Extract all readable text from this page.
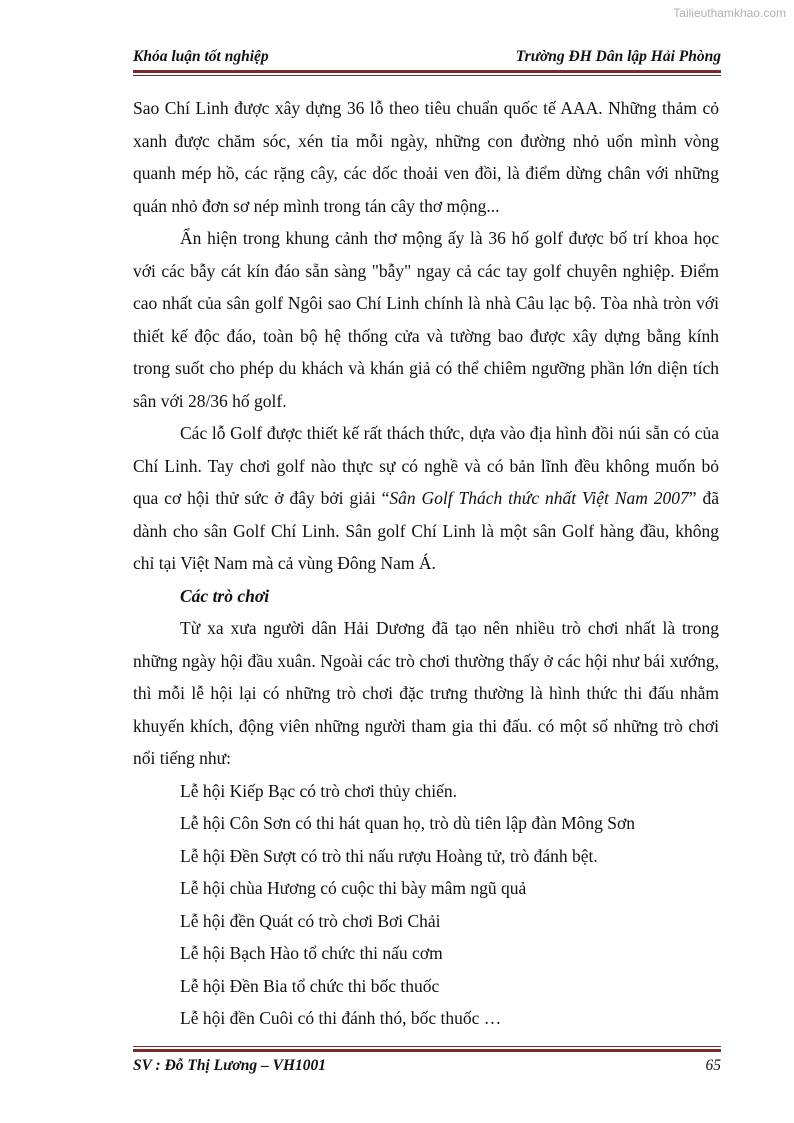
Tailieuthamkhao.com
Khóa luận tốt nghiệp	Trường ĐH Dân lập Hải Phòng

Sao Chí Linh được xây dựng 36 lỗ theo tiêu chuẩn quốc tế AAA. Những thảm cỏ xanh được chăm sóc, xén tỉa mỗi ngày, những con đường nhỏ uốn mình vòng quanh mép hồ, các rặng cây, các dốc thoải ven đồi, là điểm dừng chân với những quán nhỏ đơn sơ nép mình trong tán cây thơ mộng...

Ẩn hiện trong khung cảnh thơ mộng ấy là 36 hố golf được bố trí khoa học với các bẫy cát kín đáo sẵn sàng "bẫy" ngay cả các tay golf chuyên nghiệp. Điểm cao nhất của sân golf Ngôi sao Chí Linh chính là nhà Câu lạc bộ. Tòa nhà tròn với thiết kế độc đáo, toàn bộ hệ thống cửa và tường bao được xây dựng bằng kính trong suốt cho phép du khách và khán giả có thể chiêm ngưỡng phần lớn diện tích sân với 28/36 hố golf.

Các lỗ Golf được thiết kế rất thách thức, dựa vào địa hình đồi núi sẵn có của Chí Linh. Tay chơi golf nào thực sự có nghề và có bản lĩnh đều không muốn bỏ qua cơ hội thử sức ở đây bởi giải “Sân Golf Thách thức nhất Việt Nam 2007” đã dành cho sân Golf Chí Linh. Sân golf Chí Linh là một sân Golf hàng đầu, không chỉ tại Việt Nam mà cả vùng Đông Nam Á.

Các trò chơi

Từ xa xưa người dân Hải Dương đã tạo nên nhiều trò chơi nhất là trong những ngày hội đầu xuân. Ngoài các trò chơi thường thấy ở các hội như bái xướng, thì mỗi lễ hội lại có những trò chơi đặc trưng thường là hình thức thi đấu nhằm khuyến khích, động viên những người tham gia thi đấu. có một số những trò chơi nổi tiếng như:

Lễ hội Kiếp Bạc có trò chơi thủy chiến.
Lễ hội Côn Sơn có thi hát quan họ, trò dù tiên lập đàn Mông Sơn
Lễ hội Đền Sượt có trò thi nấu rượu Hoàng tử, trò đánh bệt.
Lễ hội chùa Hương có cuộc thi bày mâm ngũ quả
Lễ hội đền Quát có trò chơi Bơi Chải
Lễ hội Bạch Hào tổ chức thi nấu cơm
Lễ hội Đền Bia tổ chức thi bốc thuốc
Lễ hội đền Cuôi có thi đánh thó, bốc thuốc …
SV : Đỗ Thị Lương – VH1001	65
